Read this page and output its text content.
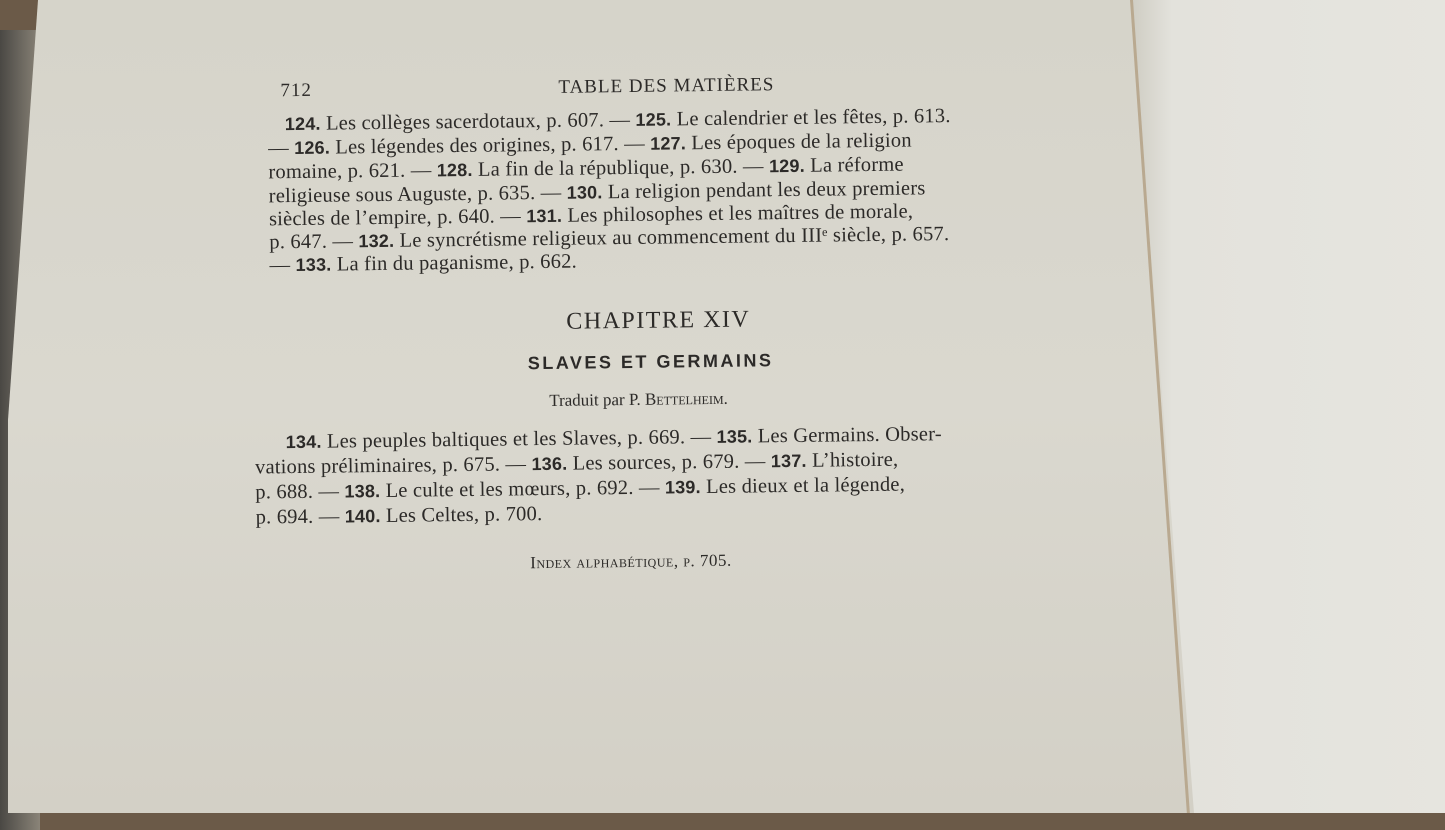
712	TABLE DES MATIÈRES
124. Les collèges sacerdotaux, p. 607. — 125. Le calendrier et les fêtes, p. 613.
— 126. Les légendes des origines, p. 617. — 127. Les époques de la religion
romaine, p. 621. — 128. La fin de la république, p. 630. — 129. La réforme
religieuse sous Auguste, p. 635. — 130. La religion pendant les deux premiers
siècles de l’empire, p. 640. — 131. Les philosophes et les maîtres de morale,
p. 647. — 132. Le syncrétisme religieux au commencement du IIIᵉ siècle, p. 657.
— 133. La fin du paganisme, p. 662.
CHAPITRE XIV
SLAVES ET GERMAINS
Traduit par P. Bettelheim.
134. Les peuples baltiques et les Slaves, p. 669. — 135. Les Germains. Obser-
vations préliminaires, p. 675. — 136. Les sources, p. 679. — 137. L’histoire,
p. 688. — 138. Le culte et les mœurs, p. 692. — 139. Les dieux et la légende,
p. 694. — 140. Les Celtes, p. 700.
Index alphabétique, p. 705.
